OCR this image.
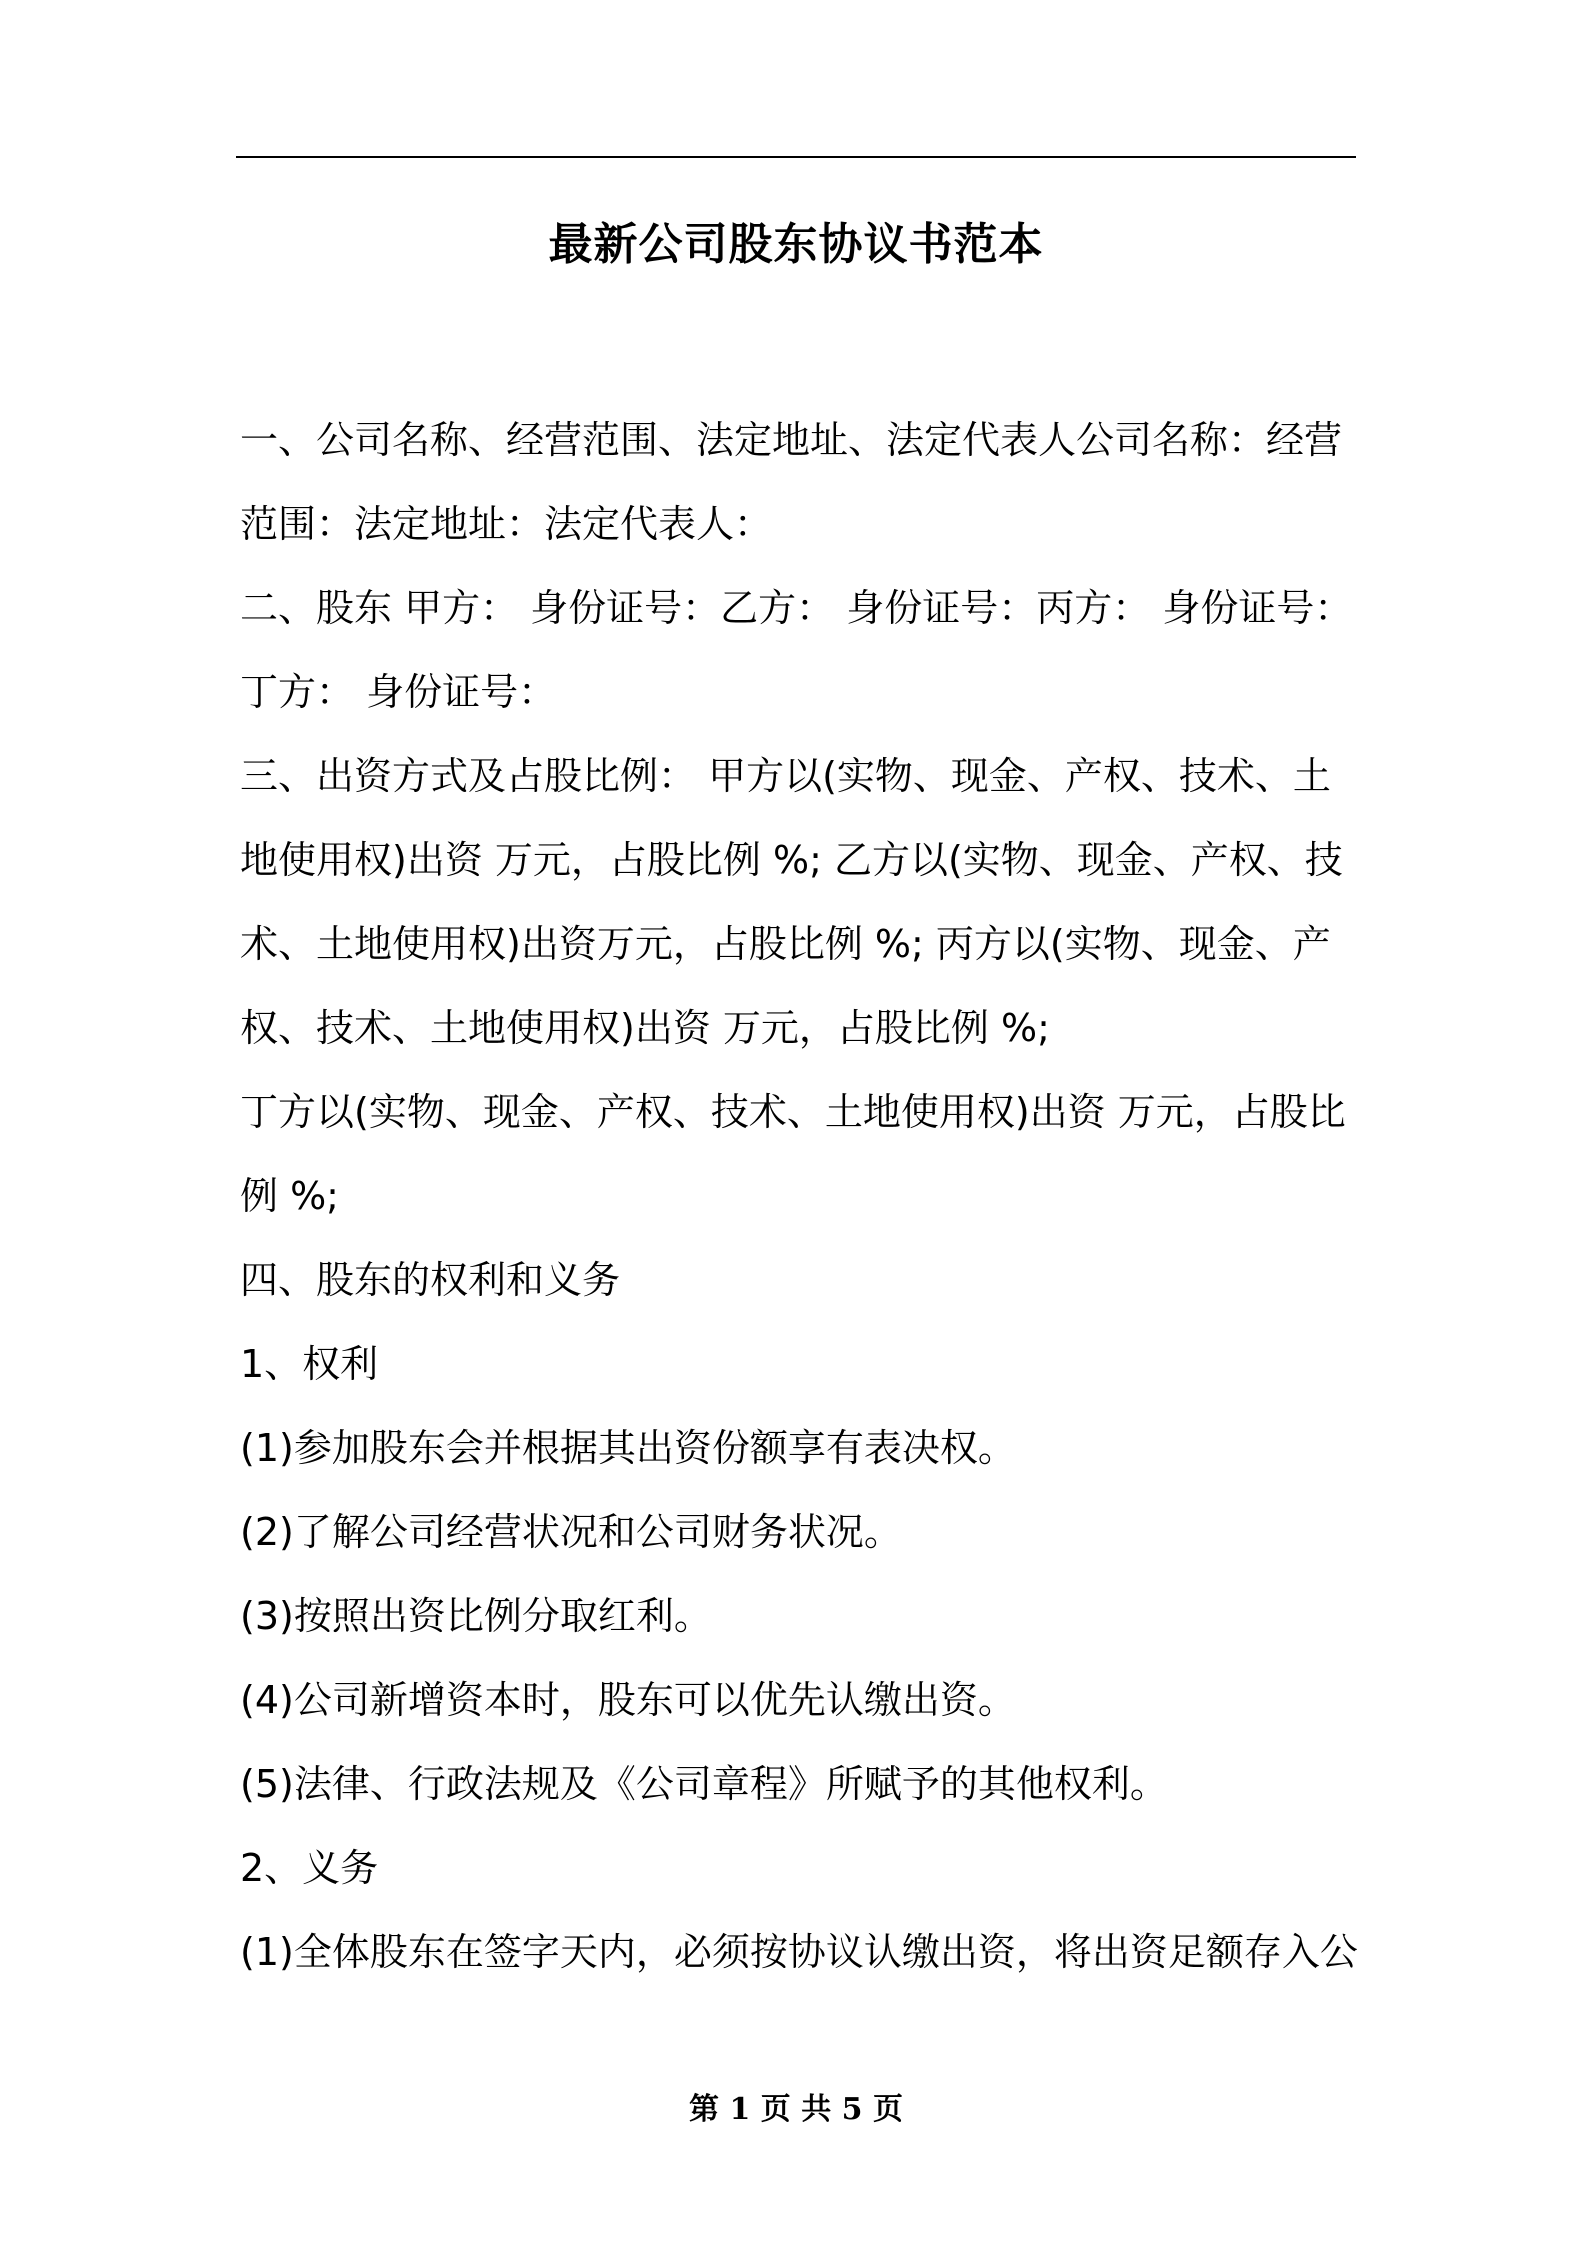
最新公司股东协议书范本

一、公司名称、经营范围、法定地址、法定代表人公司名称：经营范围：法定地址：法定代表人：

二、股东 甲方： 身份证号：乙方： 身份证号：丙方： 身份证号：丁方： 身份证号：

三、出资方式及占股比例： 甲方以(实物、现金、产权、技术、土地使用权)出资 万元，占股比例 %; 乙方以(实物、现金、产权、技术、土地使用权)出资万元，占股比例 %; 丙方以(实物、现金、产权、技术、土地使用权)出资 万元，占股比例 %;

丁方以(实物、现金、产权、技术、土地使用权)出资 万元，占股比例 %;

四、股东的权利和义务

1、权利

(1)参加股东会并根据其出资份额享有表决权。

(2)了解公司经营状况和公司财务状况。

(3)按照出资比例分取红利。

(4)公司新增资本时，股东可以优先认缴出资。

(5)法律、行政法规及《公司章程》所赋予的其他权利。

2、义务

(1)全体股东在签字天内，必须按协议认缴出资，将出资足额存入公

第 1 页 共 5 页
